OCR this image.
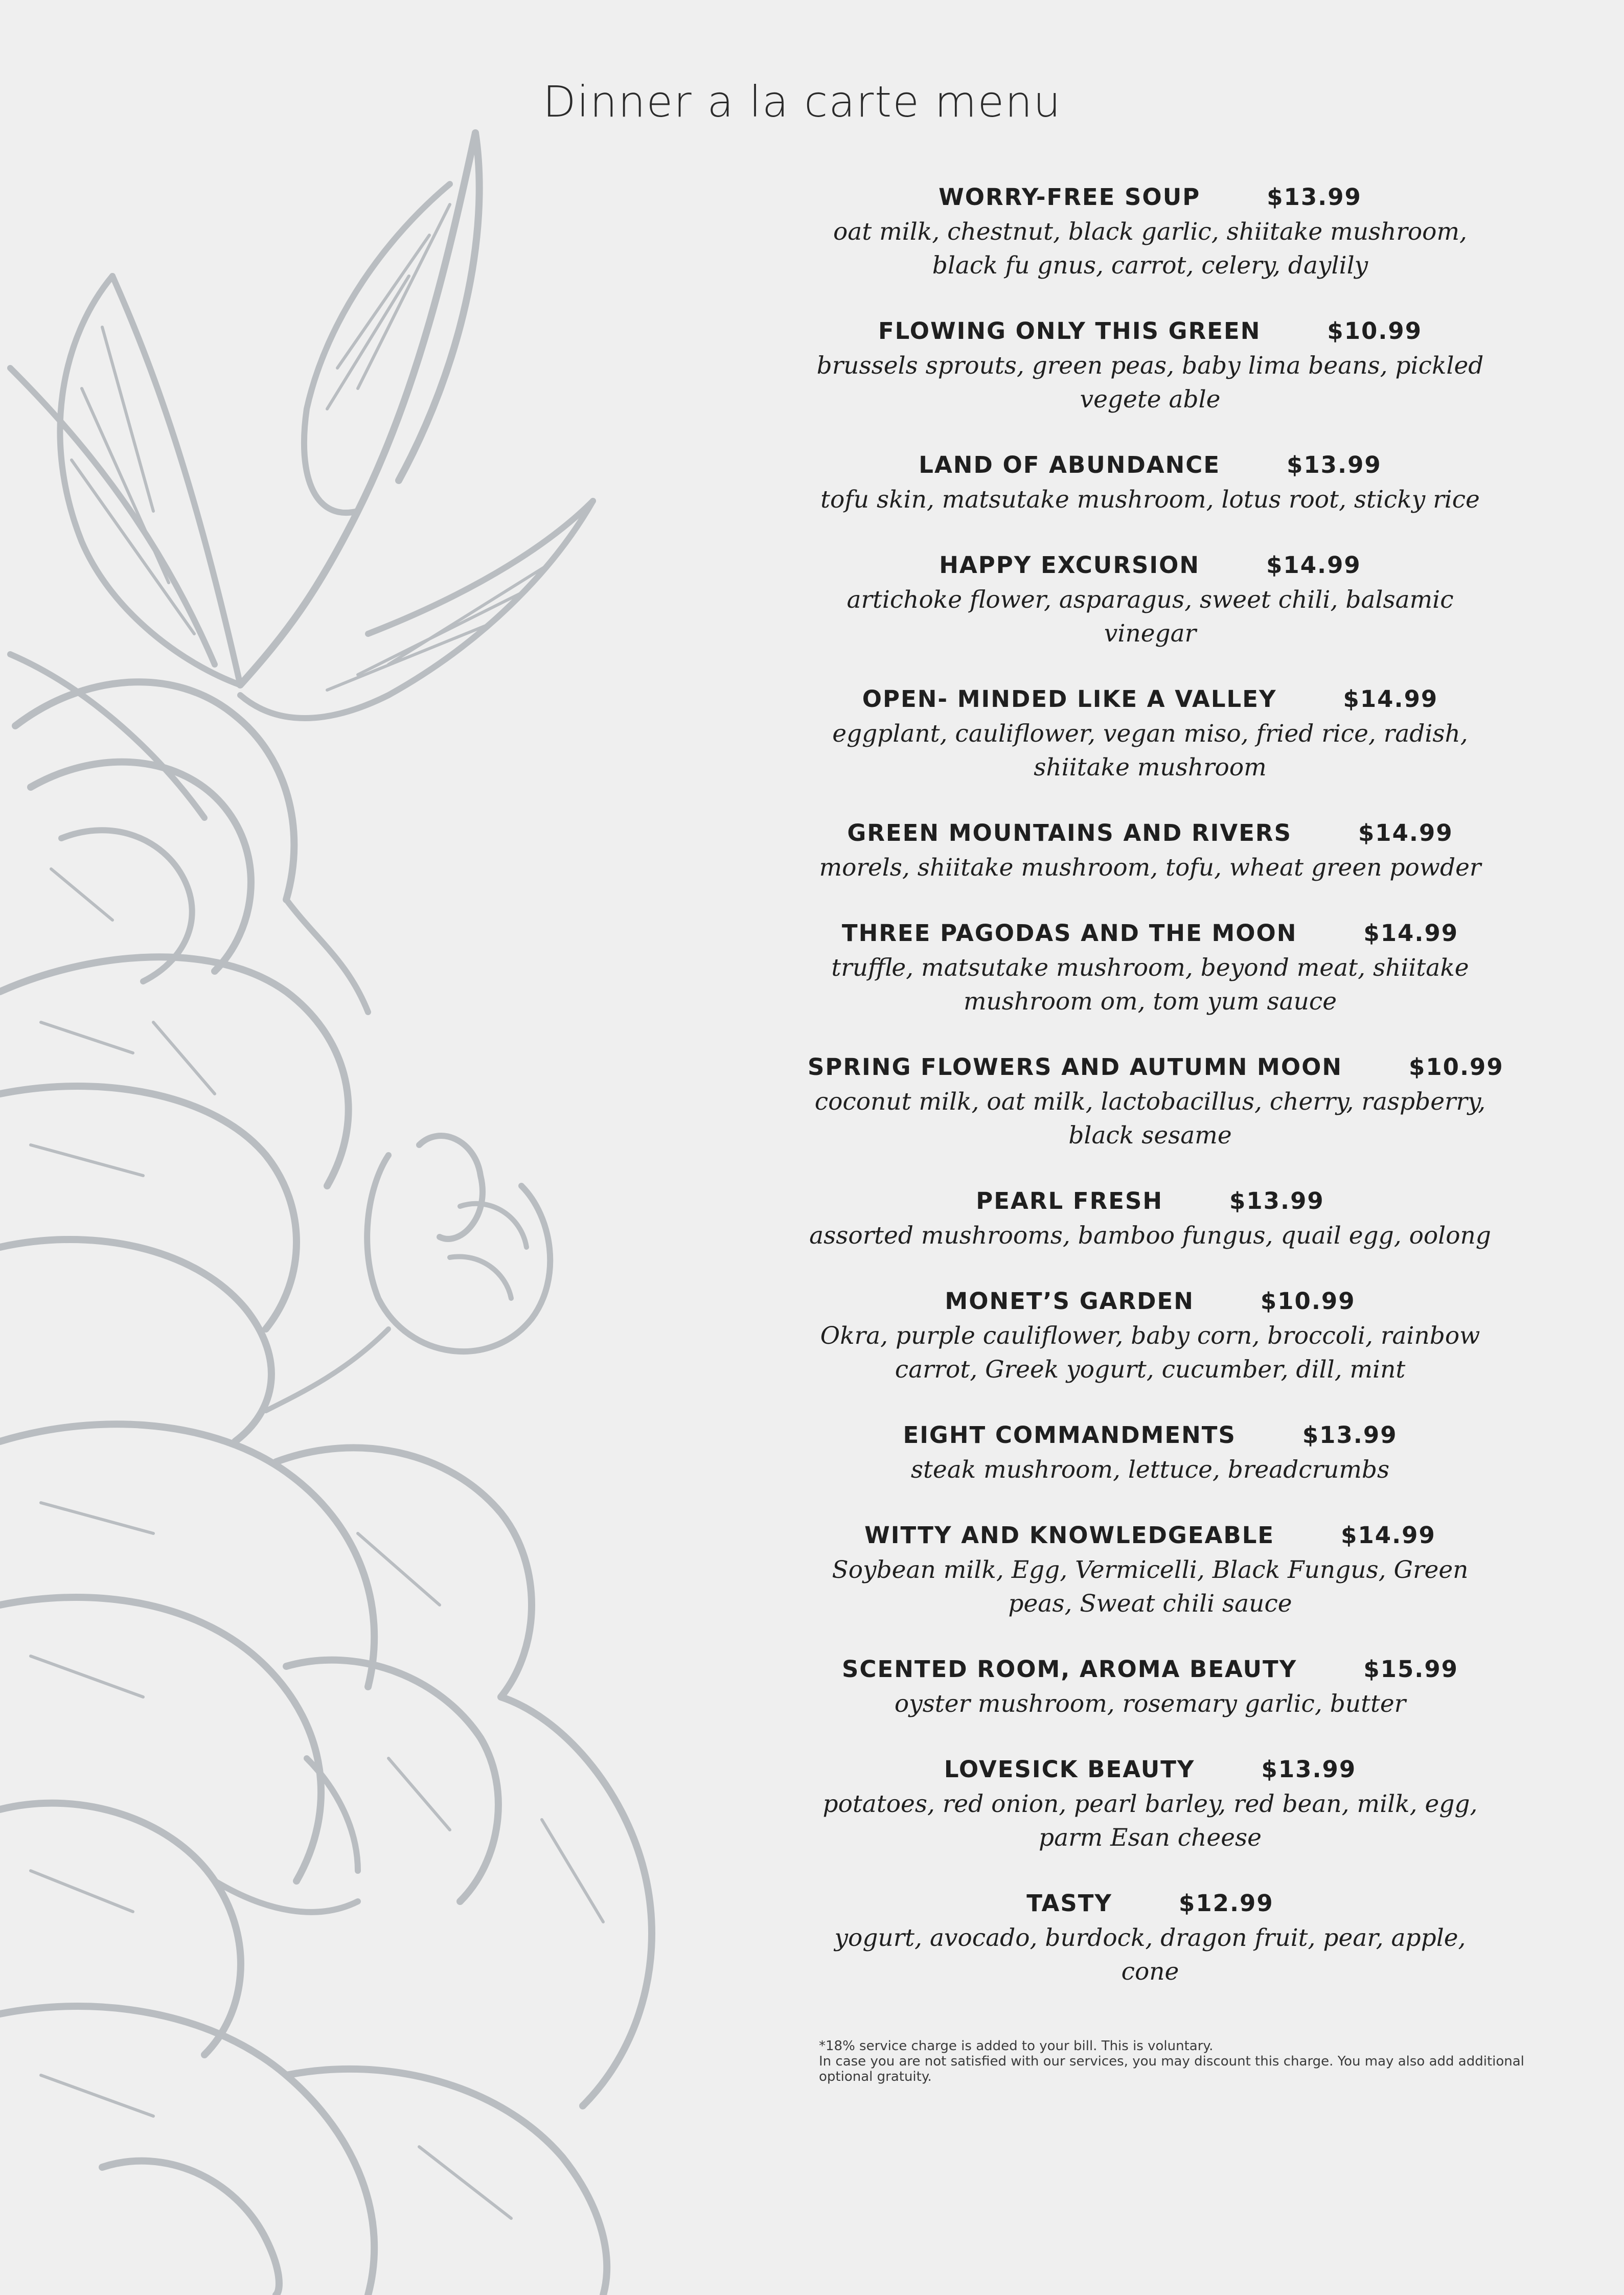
Dinner a la carte menu
WORRY-FREE SOUP	$13.99
oat milk, chestnut, black garlic, shiitake mushroom, black fu gnus, carrot, celery, daylily
FLOWING ONLY THIS GREEN	$10.99
brussels sprouts, green peas, baby lima beans, pickled vegete able
LAND OF ABUNDANCE	$13.99
tofu skin, matsutake mushroom, lotus root, sticky rice
HAPPY EXCURSION	$14.99
artichoke flower, asparagus, sweet chili, balsamic vinegar
OPEN- MINDED LIKE A VALLEY	$14.99
eggplant, cauliflower, vegan miso, fried rice, radish, shiitake mushroom
GREEN MOUNTAINS AND RIVERS	$14.99
morels, shiitake mushroom, tofu, wheat green powder
THREE PAGODAS AND THE MOON	$14.99
truffle, matsutake mushroom, beyond meat, shiitake mushroom om, tom yum sauce
SPRING FLOWERS AND AUTUMN MOON	$10.99
coconut milk, oat milk, lactobacillus, cherry, raspberry, black sesame
PEARL FRESH	$13.99
assorted mushrooms, bamboo fungus, quail egg, oolong
MONET’S GARDEN	$10.99
Okra, purple cauliflower, baby corn, broccoli, rainbow carrot, Greek yogurt, cucumber, dill, mint
EIGHT COMMANDMENTS	$13.99
steak mushroom, lettuce, breadcrumbs
WITTY AND KNOWLEDGEABLE	$14.99
Soybean milk, Egg, Vermicelli, Black Fungus, Green peas, Sweat chili sauce
SCENTED ROOM, AROMA BEAUTY	$15.99
oyster mushroom, rosemary garlic, butter
LOVESICK BEAUTY	$13.99
potatoes, red onion, pearl barley, red bean, milk, egg, parm Esan cheese
TASTY	$12.99
yogurt, avocado, burdock, dragon fruit, pear, apple, cone
*18% service charge is added to your bill. This is voluntary.
In case you are not satisfied with our services, you may discount this charge. You may also add additional optional gratuity.
